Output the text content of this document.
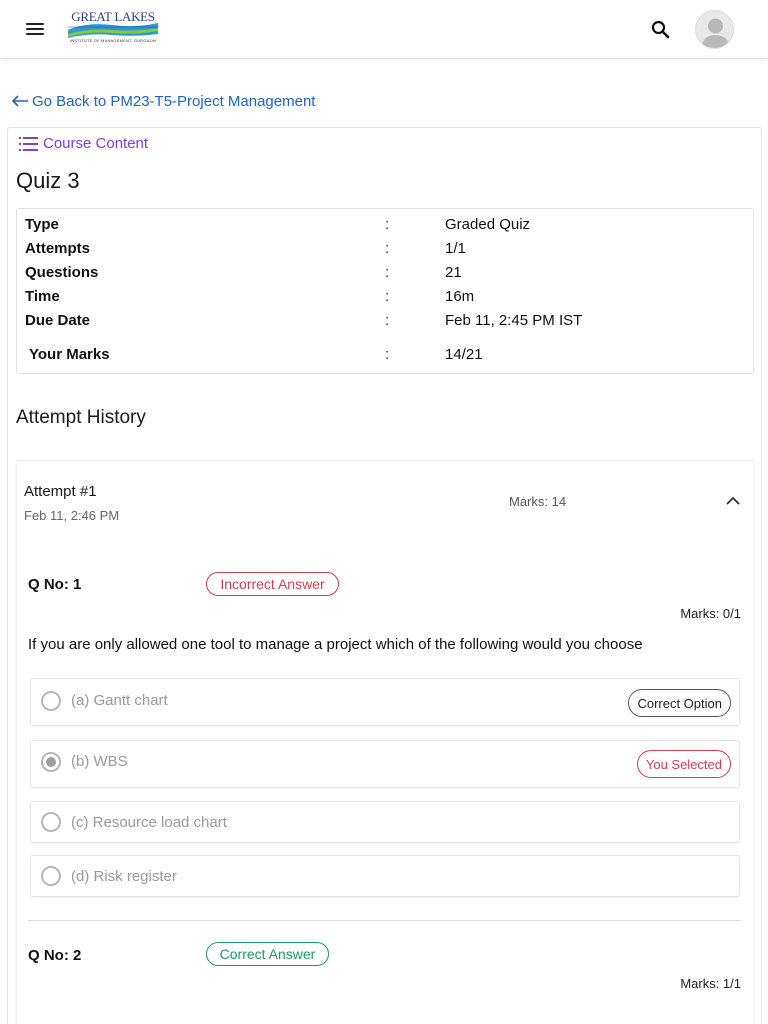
GREAT LAKES
INSTITUTE OF MANAGEMENT, GURGAON
Go Back to PM23-T5-Project Management
Course Content
Quiz 3
Type	:	Graded Quiz
Attempts	:	1/1
Questions	:	21
Time	:	16m
Due Date	:	Feb 11, 2:45 PM IST
Your Marks	:	14/21
Attempt History
Attempt #1
Feb 11, 2:46 PM
Marks: 14
Q No: 1	Incorrect Answer
Marks: 0/1
If you are only allowed one tool to manage a project which of the following would you choose
(a) Gantt chart	Correct Option
(b) WBS	You Selected
(c) Resource load chart
(d) Risk register
Q No: 2	Correct Answer
Marks: 1/1
